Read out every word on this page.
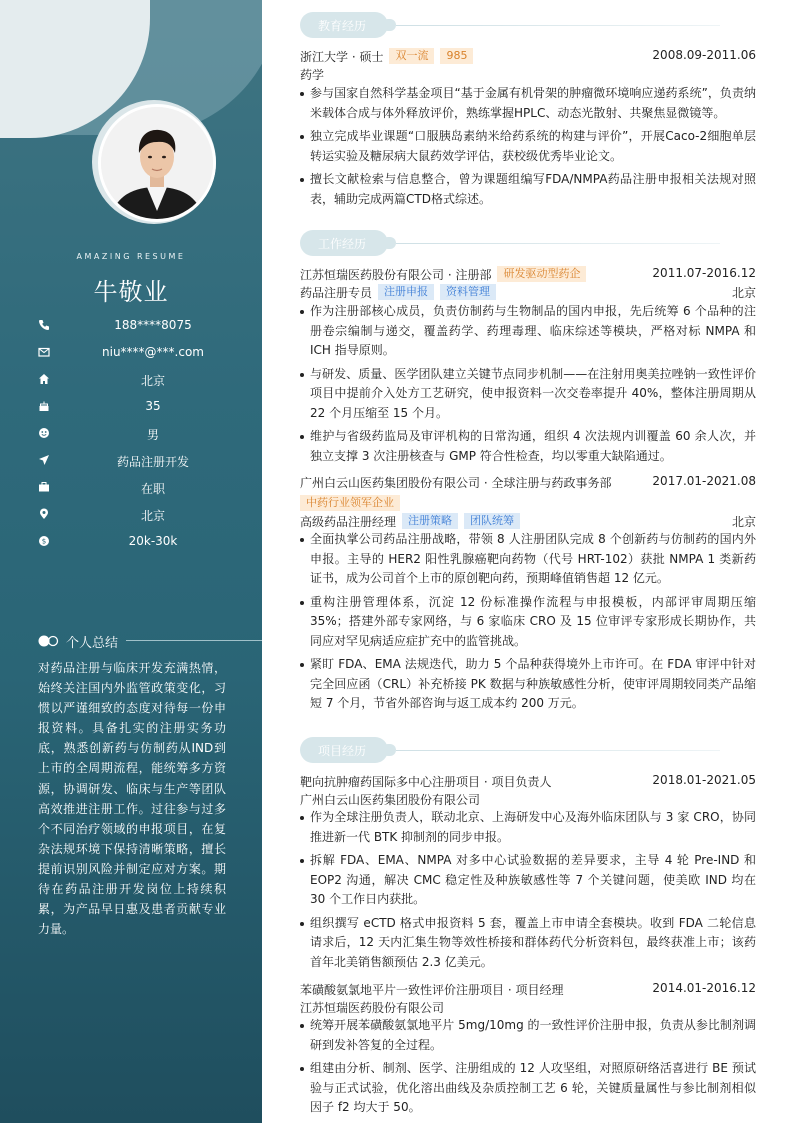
AMAZING RESUME
牛敬业
188****8075
niu****@***.com
北京
35
男
药品注册开发
在职
北京
$	20k-30k
个人总结
对药品注册与临床开发充满热情，始终关注国内外监管政策变化，习惯以严谨细致的态度对待每一份申报资料。具备扎实的注册实务功底，熟悉创新药与仿制药从IND到上市的全周期流程，能统筹多方资源，协调研发、临床与生产等团队高效推进注册工作。过往参与过多个不同治疗领域的申报项目，在复杂法规环境下保持清晰策略，擅长提前识别风险并制定应对方案。期待在药品注册开发岗位上持续积累，为产品早日惠及患者贡献专业力量。
教育经历
浙江大学 · 硕士 双一流 985	2008.09-2011.06
药学
参与国家自然科学基金项目“基于金属有机骨架的肿瘤微环境响应递药系统”，负责纳米载体合成与体外释放评价，熟练掌握HPLC、动态光散射、共聚焦显微镜等。
独立完成毕业课题“口服胰岛素纳米给药系统的构建与评价”，开展Caco-2细胞单层转运实验及糖尿病大鼠药效学评估，获校级优秀毕业论文。
擅长文献检索与信息整合，曾为课题组编写FDA/NMPA药品注册申报相关法规对照表，辅助完成两篇CTD格式综述。
工作经历
江苏恒瑞医药股份有限公司 · 注册部 研发驱动型药企	2011.07-2016.12
药品注册专员 注册申报 资料管理	北京
作为注册部核心成员，负责仿制药与生物制品的国内申报，先后统筹 6 个品种的注册卷宗编制与递交，覆盖药学、药理毒理、临床综述等模块，严格对标 NMPA 和 ICH 指导原则。
与研发、质量、医学团队建立关键节点同步机制——在注射用奥美拉唑钠一致性评价项目中提前介入处方工艺研究，使申报资料一次交卷率提升 40%，整体注册周期从 22 个月压缩至 15 个月。
维护与省级药监局及审评机构的日常沟通，组织 4 次法规内训覆盖 60 余人次，并独立支撑 3 次注册核查与 GMP 符合性检查，均以零重大缺陷通过。
广州白云山医药集团股份有限公司 · 全球注册与药政事务部	2017.01-2021.08
中药行业领军企业
高级药品注册经理 注册策略 团队统筹	北京
全面执掌公司药品注册战略，带领 8 人注册团队完成 8 个创新药与仿制药的国内外申报。主导的 HER2 阳性乳腺癌靶向药物（代号 HRT-102）获批 NMPA 1 类新药证书，成为公司首个上市的原创靶向药，预期峰值销售超 12 亿元。
重构注册管理体系，沉淀 12 份标准操作流程与申报模板，内部评审周期压缩 35%；搭建外部专家网络，与 6 家临床 CRO 及 15 位审评专家形成长期协作，共同应对罕见病适应症扩充中的监管挑战。
紧盯 FDA、EMA 法规迭代，助力 5 个品种获得境外上市许可。在 FDA 审评中针对完全回应函（CRL）补充桥接 PK 数据与种族敏感性分析，使审评周期较同类产品缩短 7 个月，节省外部咨询与返工成本约 200 万元。
项目经历
靶向抗肿瘤药国际多中心注册项目 · 项目负责人	2018.01-2021.05
广州白云山医药集团股份有限公司
作为全球注册负责人，联动北京、上海研发中心及海外临床团队与 3 家 CRO，协同推进新一代 BTK 抑制剂的同步申报。
拆解 FDA、EMA、NMPA 对多中心试验数据的差异要求，主导 4 轮 Pre-IND 和 EOP2 沟通，解决 CMC 稳定性及种族敏感性等 7 个关键问题，使美欧 IND 均在 30 个工作日内获批。
组织撰写 eCTD 格式申报资料 5 套，覆盖上市申请全套模块。收到 FDA 二轮信息请求后，12 天内汇集生物等效性桥接和群体药代分析资料包，最终获准上市；该药首年北美销售额预估 2.3 亿美元。
苯磺酸氨氯地平片一致性评价注册项目 · 项目经理	2014.01-2016.12
江苏恒瑞医药股份有限公司
统筹开展苯磺酸氨氯地平片 5mg/10mg 的一致性评价注册申报，负责从参比制剂调研到发补答复的全过程。
组建由分析、制剂、医学、注册组成的 12 人攻坚组，对照原研络活喜进行 BE 预试验与正式试验，优化溶出曲线及杂质控制工艺 6 轮，关键质量属性与参比制剂相似因子 f2 均大于 50。
